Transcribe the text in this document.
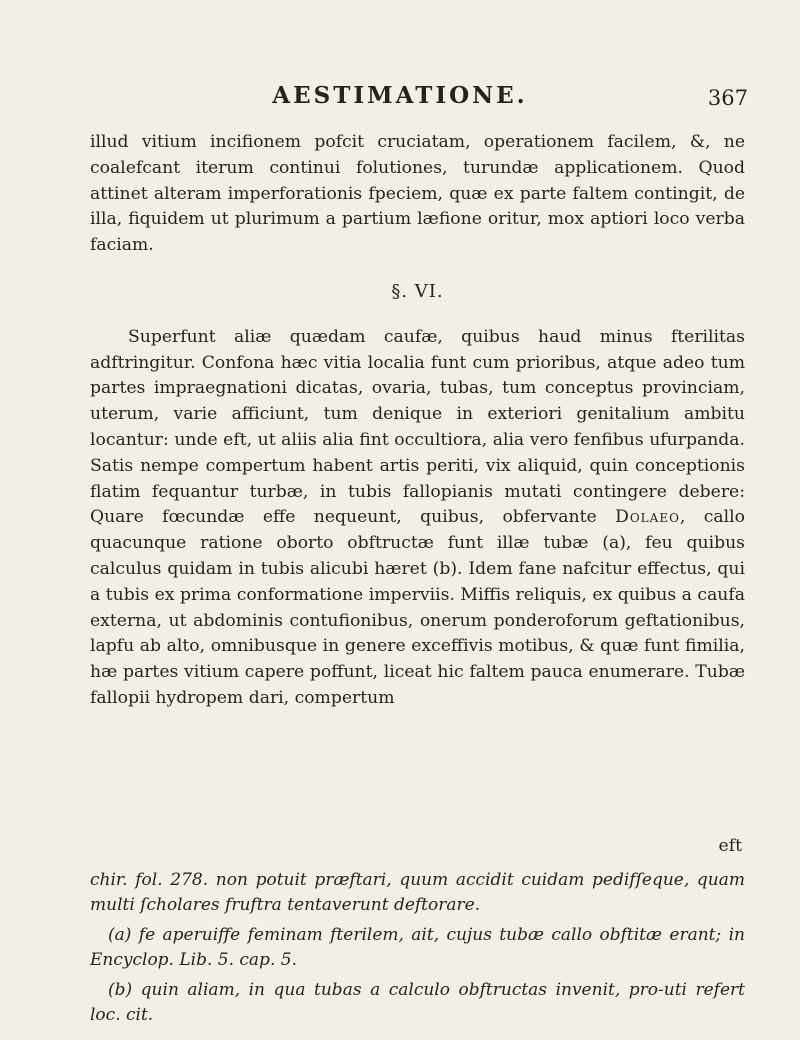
AESTIMATIONE.	367

illud vitium incifionem pofcit cruciatam, operationem facilem, &, ne coalefcant iterum continui folutiones, turundæ applicationem. Quod attinet alteram imperforationis fpeciem, quæ ex parte faltem contingit, de illa, fiquidem ut plurimum a partium læfione oritur, mox aptiori loco verba faciam.

§. VI.

Superfunt aliæ quædam caufæ, quibus haud minus fterilitas adftringitur. Confona hæc vitia localia funt cum prioribus, atque adeo tum partes impraegnationi dicatas, ovaria, tubas, tum conceptus provinciam, uterum, varie afficiunt, tum denique in exteriori genitalium ambitu locantur: unde eft, ut aliis alia fint occultiora, alia vero fenfibus ufurpanda. Satis nempe compertum habent artis periti, vix aliquid, quin conceptionis flatim fequantur turbæ, in tubis fallopianis mutati contingere debere: Quare fœcundæ effe nequeunt, quibus, obfervante Dolaeo, callo quacunque ratione oborto obftructæ funt illæ tubæ (a), feu quibus calculus quidam in tubis alicubi hæret (b). Idem fane nafcitur effectus, qui a tubis ex prima conformatione imperviis. Miffis reliquis, ex quibus a caufa externa, ut abdominis contufionibus, onerum ponderoforum geftationibus, lapfu ab alto, omnibusque in genere exceffivis motibus, & quæ funt fimilia, hæ partes vitium capere poffunt, liceat hic faltem pauca enumerare. Tubæ fallopii hydropem dari, compertum

eft

chir. fol. 278. non potuit præftari, quum accidit cuidam pedifſeque, quam multi ſcholares fruftra tentaverunt deftorare.

(a) fe aperuiffe feminam fterilem, ait, cujus tubæ callo obftitæ erant; in Encyclop. Lib. 5. cap. 5.

(b) quin aliam, in qua tubas a calculo obftructas invenit, pro-uti refert loc. cit.
